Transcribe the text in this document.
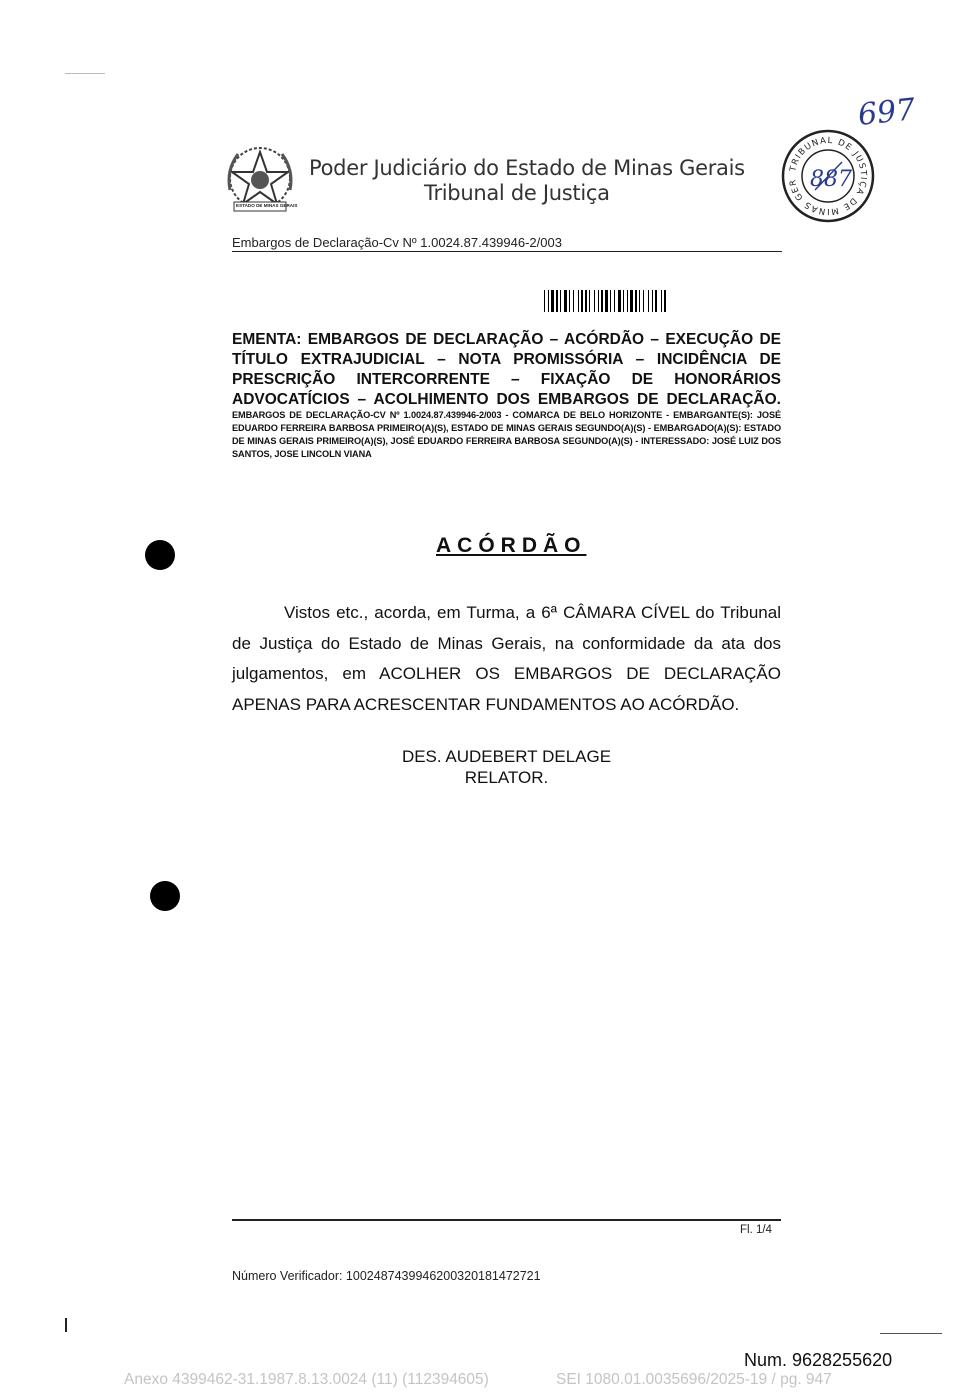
ESTADO DE MINAS GERAIS
Poder Judiciário do Estado de Minas Gerais
Tribunal de Justiça
Embargos de Declaração-Cv Nº 1.0024.87.439946-2/003
TRIBUNAL DE JUSTIÇA DE MINAS GER 887
697
EMENTA: EMBARGOS DE DECLARAÇÃO – ACÓRDÃO – EXECUÇÃO DE
TÍTULO EXTRAJUDICIAL – NOTA PROMISSÓRIA – INCIDÊNCIA DE
PRESCRIÇÃO INTERCORRENTE – FIXAÇÃO DE HONORÁRIOS
ADVOCATÍCIOS – ACOLHIMENTO DOS EMBARGOS DE DECLARAÇÃO.
EMBARGOS DE DECLARAÇÃO-CV Nº 1.0024.87.439946-2/003 - COMARCA DE BELO HORIZONTE - EMBARGANTE(S): JOSÉ EDUARDO FERREIRA BARBOSA PRIMEIRO(A)(S), ESTADO DE MINAS GERAIS SEGUNDO(A)(S) - EMBARGADO(A)(S): ESTADO DE MINAS GERAIS PRIMEIRO(A)(S), JOSÉ EDUARDO FERREIRA BARBOSA SEGUNDO(A)(S) - INTERESSADO: JOSÉ LUIZ DOS SANTOS, JOSE LINCOLN VIANA
ACÓRDÃO
Vistos etc., acorda, em Turma, a 6ª CÂMARA CÍVEL do Tribunal de Justiça do Estado de Minas Gerais, na conformidade da ata dos julgamentos, em ACOLHER OS EMBARGOS DE DECLARAÇÃO APENAS PARA ACRESCENTAR FUNDAMENTOS AO ACÓRDÃO.
DES. AUDEBERT DELAGE
RELATOR.
Fl. 1/4
Número Verificador: 1002487439946200320181472721
Num. 9628255620
Anexo 4399462-31.1987.8.13.0024 (11) (112394605)	SEI 1080.01.0035696/2025-19 / pg. 947
